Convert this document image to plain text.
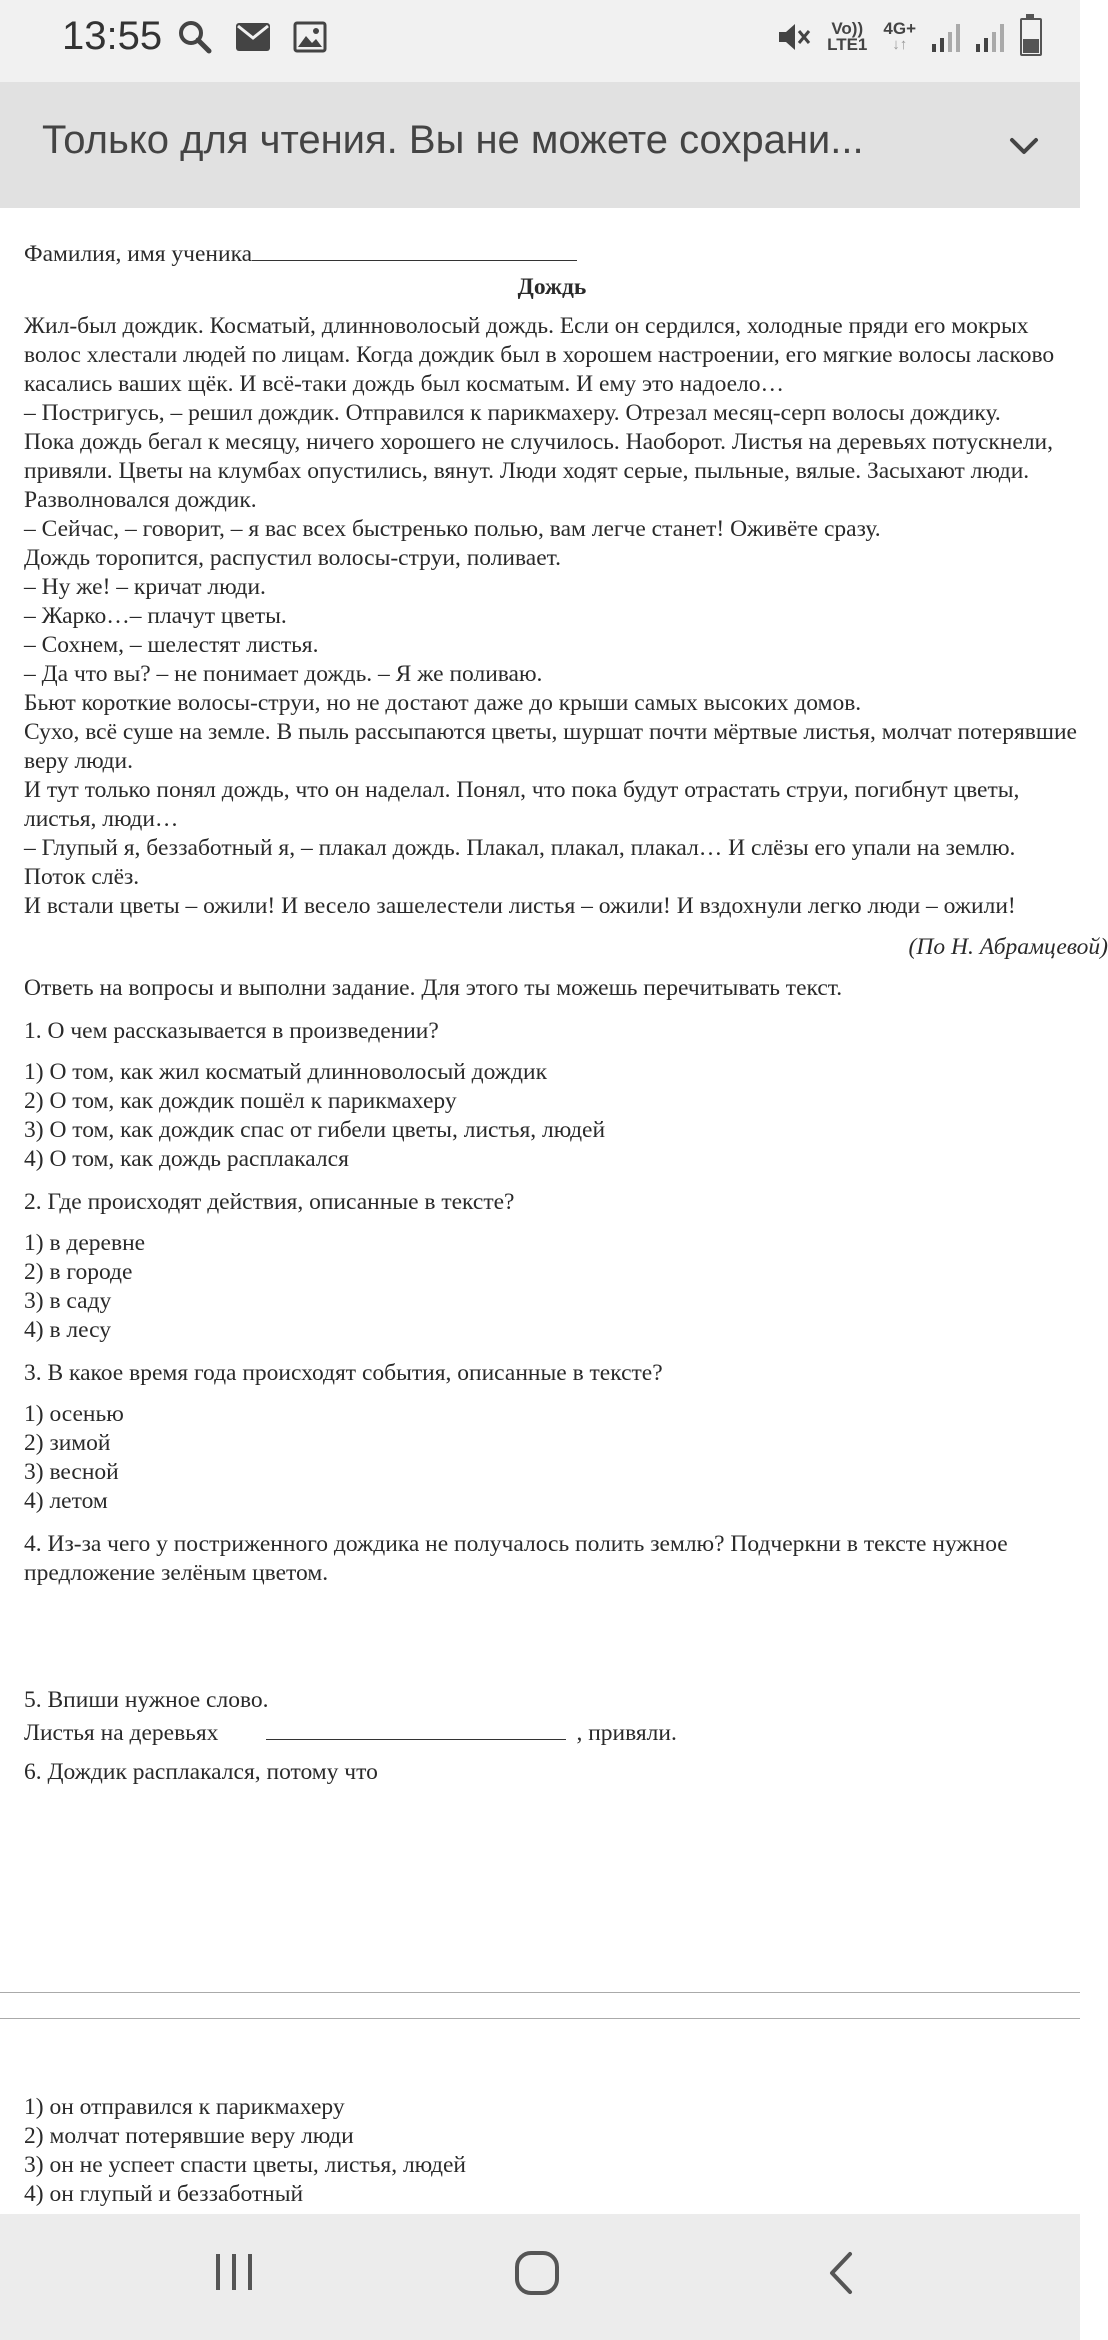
13:55	Vo))
LTE1
4G+
↓↑
Только для чтения. Вы не можете сохрани...

Фамилия, имя ученика

Дождь

Жил-был дождик. Косматый, длинноволосый дождь. Если он сердился, холодные пряди его мокрых волос хлестали людей по лицам. Когда дождик был в хорошем настроении, его мягкие волосы ласково касались ваших щёк. И всё-таки дождь был косматым. И ему это надоело…

– Постригусь, – решил дождик. Отправился к парикмахеру. Отрезал месяц-серп волосы дождику.

Пока дождь бегал к месяцу, ничего хорошего не случилось. Наоборот. Листья на деревьях потускнели, привяли. Цветы на клумбах опустились, вянут. Люди ходят серые, пыльные, вялые. Засыхают люди.

Разволновался дождик.

– Сейчас, – говорит, – я вас всех быстренько полью, вам легче станет! Оживёте сразу.

Дождь торопится, распустил волосы-струи, поливает.

– Ну же! – кричат люди.

– Жарко…– плачут цветы.

– Сохнем, – шелестят листья.

– Да что вы? – не понимает дождь. – Я же поливаю.

Бьют короткие волосы-струи, но не достают даже до крыши самых высоких домов.

Сухо, всё суше на земле. В пыль рассыпаются цветы, шуршат почти мёртвые листья, молчат потерявшие веру люди.

И тут только понял дождь, что он наделал. Понял, что пока будут отрастать струи, погибнут цветы, листья, люди…

– Глупый я, беззаботный я, – плакал дождь. Плакал, плакал, плакал… И слёзы его упали на землю. Поток слёз.

И встали цветы – ожили! И весело зашелестели листья – ожили! И вздохнули легко люди – ожили!

(По Н. Абрамцевой)

Ответь на вопросы и выполни задание. Для этого ты можешь перечитывать текст.

1. О чем рассказывается в произведении?

1) О том, как жил косматый длинноволосый дождик

2) О том, как дождик пошёл к парикмахеру

3) О том, как дождик спас от гибели цветы, листья, людей

4) О том, как дождь расплакался

2. Где происходят действия, описанные в тексте?

1) в деревне

2) в городе

3) в саду

4) в лесу

3. В какое время года происходят события, описанные в тексте?

1) осенью

2) зимой

3) весной

4) летом

4. Из-за чего у постриженного дождика не получалось полить землю? Подчеркни в тексте нужное предложение зелёным цветом.

5. Впиши нужное слово.

Листья на деревьях	, привяли.

6. Дождик расплакался, потому что

1) он отправился к парикмахеру

2) молчат потерявшие веру люди

3) он не успеет спасти цветы, листья, людей

4) он глупый и беззаботный
